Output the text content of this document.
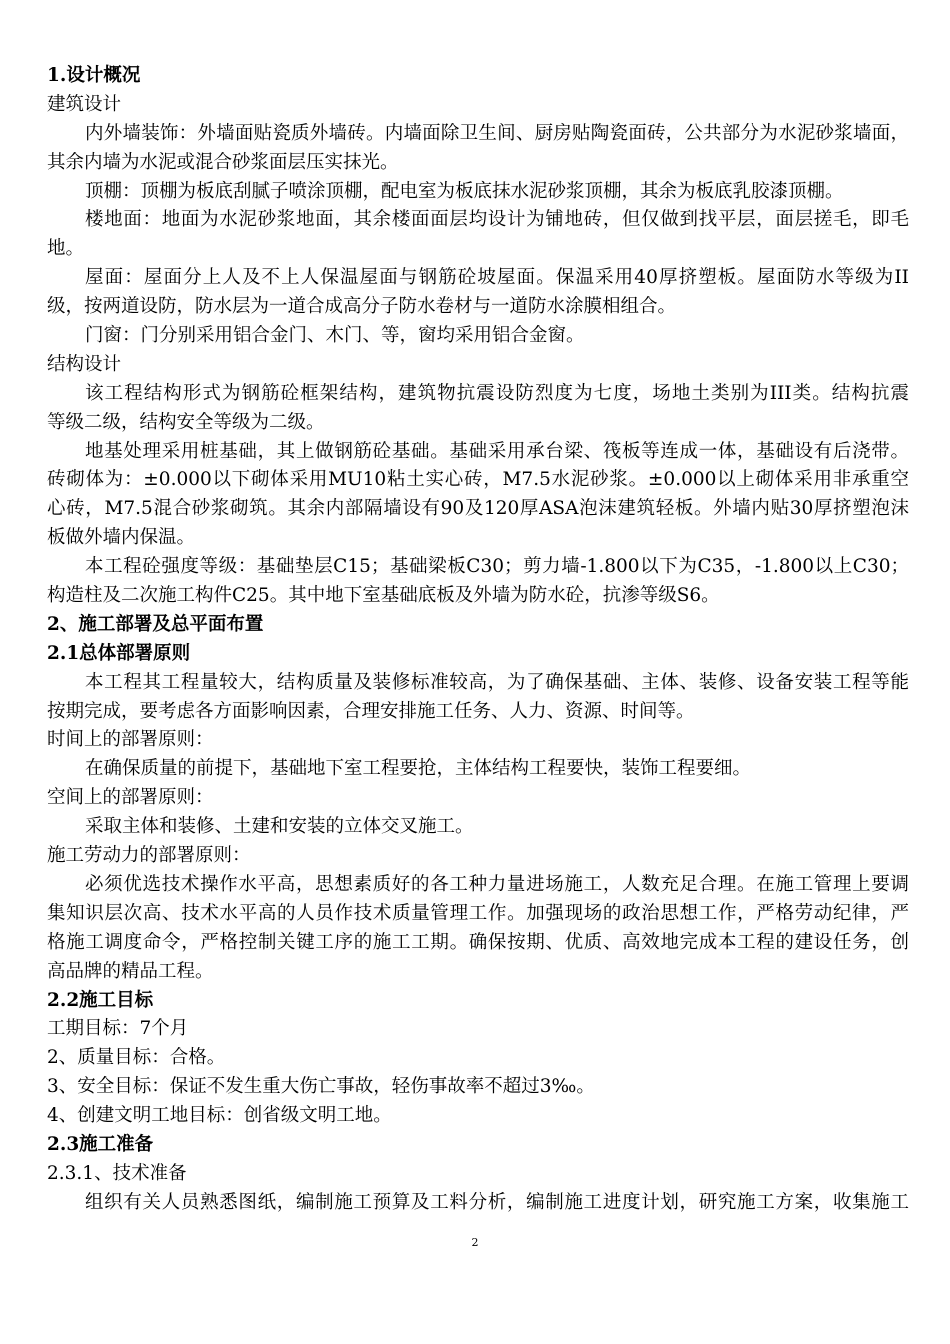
1.设计概况
建筑设计
内外墙装饰：外墙面贴瓷质外墙砖。内墙面除卫生间、厨房贴陶瓷面砖，公共部分为水泥砂浆墙面，
其余内墙为水泥或混合砂浆面层压实抹光。
顶棚：顶棚为板底刮腻子喷涂顶棚，配电室为板底抹水泥砂浆顶棚，其余为板底乳胶漆顶棚。
楼地面：地面为水泥砂浆地面，其余楼面面层均设计为铺地砖，但仅做到找平层，面层搓毛，即毛
地。
屋面：屋面分上人及不上人保温屋面与钢筋砼坡屋面。保温采用40厚挤塑板。屋面防水等级为II
级，按两道设防，防水层为一道合成高分子防水卷材与一道防水涂膜相组合。
门窗：门分别采用铝合金门、木门、等，窗均采用铝合金窗。
结构设计
该工程结构形式为钢筋砼框架结构，建筑物抗震设防烈度为七度，场地土类别为III类。结构抗震
等级二级，结构安全等级为二级。
地基处理采用桩基础，其上做钢筋砼基础。基础采用承台梁、筏板等连成一体，基础设有后浇带。
砖砌体为：±0.000以下砌体采用MU10粘土实心砖，M7.5水泥砂浆。±0.000以上砌体采用非承重空
心砖，M7.5混合砂浆砌筑。其余内部隔墙设有90及120厚ASA泡沫建筑轻板。外墙内贴30厚挤塑泡沫
板做外墙内保温。
本工程砼强度等级：基础垫层C15；基础梁板C30；剪力墙-1.800以下为C35，-1.800以上C30；
构造柱及二次施工构件C25。其中地下室基础底板及外墙为防水砼，抗渗等级S6。
2、施工部署及总平面布置
2.1总体部署原则
本工程其工程量较大，结构质量及装修标准较高，为了确保基础、主体、装修、设备安装工程等能
按期完成，要考虑各方面影响因素，合理安排施工任务、人力、资源、时间等。
时间上的部署原则：
在确保质量的前提下，基础地下室工程要抢，主体结构工程要快，装饰工程要细。
空间上的部署原则：
采取主体和装修、土建和安装的立体交叉施工。
施工劳动力的部署原则：
必须优选技术操作水平高，思想素质好的各工种力量进场施工，人数充足合理。在施工管理上要调
集知识层次高、技术水平高的人员作技术质量管理工作。加强现场的政治思想工作，严格劳动纪律，严
格施工调度命令，严格控制关键工序的施工工期。确保按期、优质、高效地完成本工程的建设任务，创
高品牌的精品工程。
2.2施工目标
工期目标：7个月
2、质量目标：合格。
3、安全目标：保证不发生重大伤亡事故，轻伤事故率不超过3‰。
4、创建文明工地目标：创省级文明工地。
2.3施工准备
2.3.1、技术准备
组织有关人员熟悉图纸，编制施工预算及工料分析，编制施工进度计划，研究施工方案，收集施工
2
